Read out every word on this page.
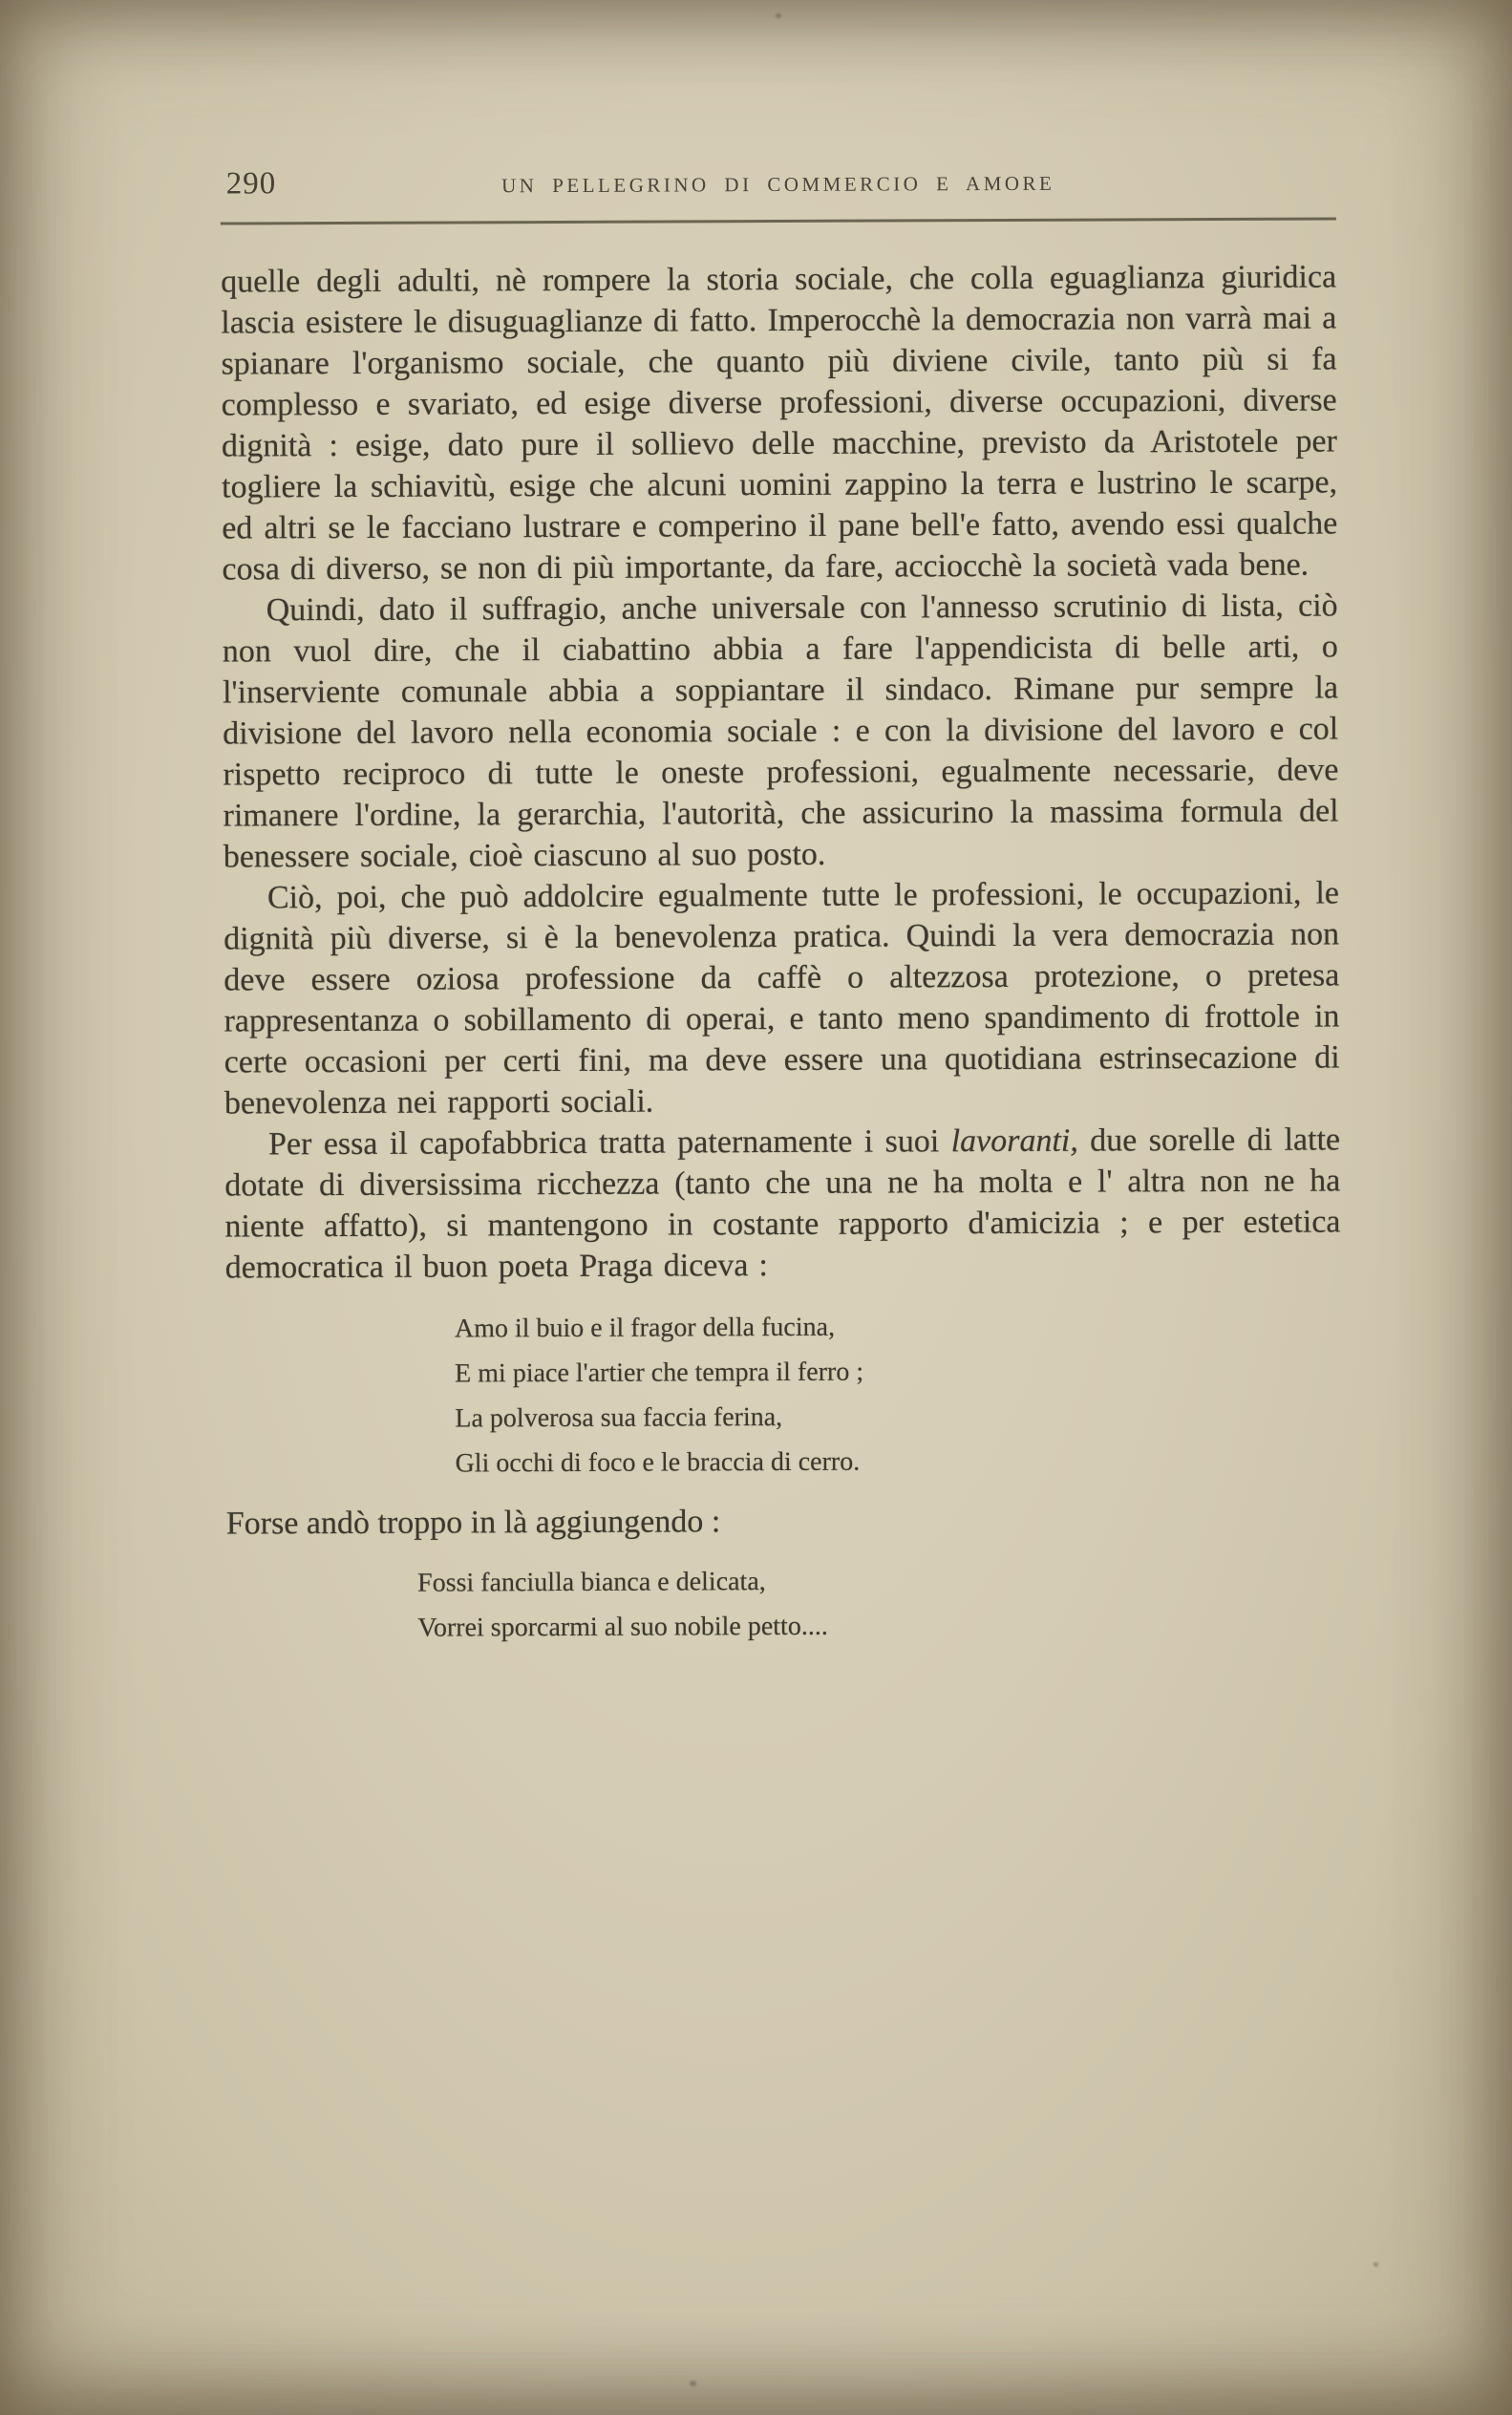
290	UN PELLEGRINO DI COMMERCIO E AMORE

quelle degli adulti, nè rompere la storia sociale, che colla eguaglianza giuridica lascia esistere le disuguaglianze di fatto. Imperocchè la democrazia non varrà mai a spianare l'organismo sociale, che quanto più diviene civile, tanto più si fa complesso e svariato, ed esige diverse professioni, diverse occupazioni, diverse dignità : esige, dato pure il sollievo delle macchine, previsto da Aristotele per togliere la schiavitù, esige che alcuni uomini zappino la terra e lustrino le scarpe, ed altri se le facciano lustrare e comperino il pane bell'e fatto, avendo essi qualche cosa di diverso, se non di più importante, da fare, acciocchè la società vada bene.

Quindi, dato il suffragio, anche universale con l'annesso scrutinio di lista, ciò non vuol dire, che il ciabattino abbia a fare l'appendicista di belle arti, o l'inserviente comunale abbia a soppiantare il sindaco. Rimane pur sempre la divisione del lavoro nella economia sociale : e con la divisione del lavoro e col rispetto reciproco di tutte le oneste professioni, egualmente necessarie, deve rimanere l'ordine, la gerarchia, l'autorità, che assicurino la massima formula del benessere sociale, cioè ciascuno al suo posto.

Ciò, poi, che può addolcire egualmente tutte le professioni, le occupazioni, le dignità più diverse, si è la benevolenza pratica. Quindi la vera democrazia non deve essere oziosa professione da caffè o altezzosa protezione, o pretesa rappresentanza o sobillamento di operai, e tanto meno spandimento di frottole in certe occasioni per certi fini, ma deve essere una quotidiana estrinsecazione di benevolenza nei rapporti sociali.

Per essa il capofabbrica tratta paternamente i suoi lavoranti, due sorelle di latte dotate di diversissima ricchezza (tanto che una ne ha molta e l' altra non ne ha niente affatto), si mantengono in costante rapporto d'amicizia ; e per estetica democratica il buon poeta Praga diceva :

Amo il buio e il fragor della fucina,
E mi piace l'artier che tempra il ferro ;
La polverosa sua faccia ferina,
Gli occhi di foco e le braccia di cerro.
Forse andò troppo in là aggiungendo :
Fossi fanciulla bianca e delicata,
Vorrei sporcarmi al suo nobile petto....
